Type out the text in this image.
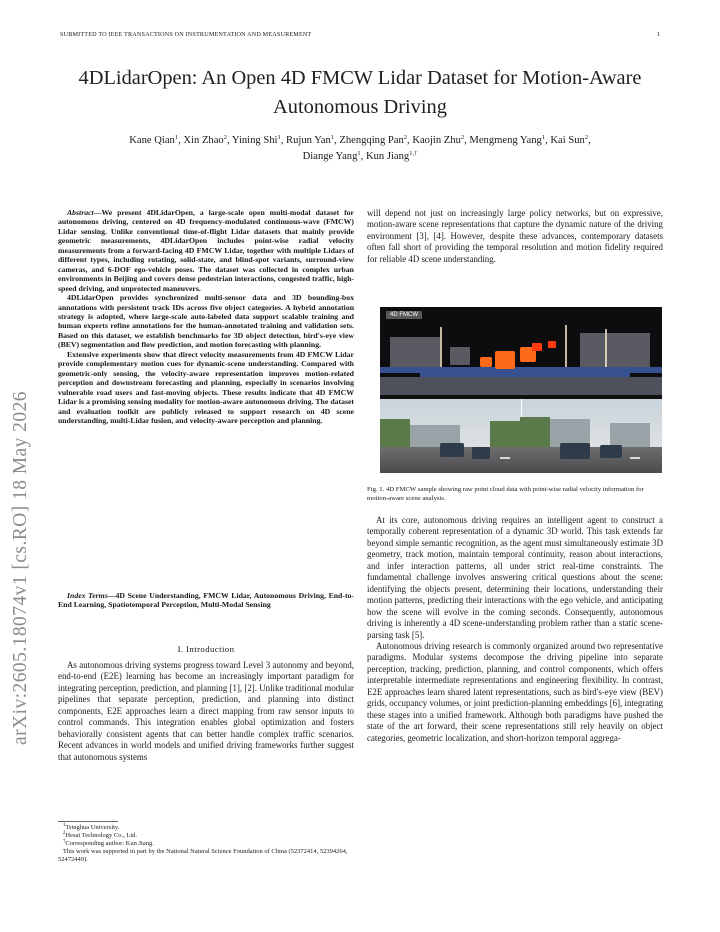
SUBMITTED TO IEEE TRANSACTIONS ON INSTRUMENTATION AND MEASUREMENT	1
arXiv:2605.18074v1 [cs.RO] 18 May 2026
4DLidarOpen: An Open 4D FMCW Lidar Dataset for Motion-Aware Autonomous Driving
Kane Qian$^1$, Xin Zhao$^2$, Yining Shi$^1$, Rujun Yan$^1$, Zhengqing Pan$^2$, Kaojin Zhu$^2$, Mengmeng Yang$^1$, Kai Sun$^2$,
Diange Yang$^1$, Kun Jiang$^{1,\dagger}$

Abstract—We present 4DLidarOpen, a large-scale open multi-modal dataset for autonomous driving, centered on 4D frequency-modulated continuous-wave (FMCW) Lidar sensing. Unlike conventional time-of-flight Lidar datasets that mainly provide geometric measurements, 4DLidarOpen includes point-wise radial velocity measurements from a forward-facing 4D FMCW Lidar, together with multiple Lidars of different types, including rotating, solid-state, and blind-spot variants, surround-view cameras, and 6-DOF ego-vehicle poses. The dataset was collected in complex urban environments in Beijing and covers dense pedestrian interactions, congested traffic, high-speed driving, and unprotected maneuvers.

4DLidarOpen provides synchronized multi-sensor data and 3D bounding-box annotations with persistent track IDs across five object categories. A hybrid annotation strategy is adopted, where large-scale auto-labeled data support scalable training and human experts refine annotations for the human-annotated training and validation sets. Based on this dataset, we establish benchmarks for 3D object detection, bird's-eye view (BEV) segmentation and flow prediction, and motion forecasting with planning.

Extensive experiments show that direct velocity measurements from 4D FMCW Lidar provide complementary motion cues for dynamic-scene understanding. Compared with geometric-only sensing, the velocity-aware representation improves motion-related perception and downstream forecasting and planning, especially in scenarios involving vulnerable road users and fast-moving objects. These results indicate that 4D FMCW Lidar is a promising sensing modality for motion-aware autonomous driving. The dataset and evaluation toolkit are publicly released to support research on 4D scene understanding, multi-Lidar fusion, and velocity-aware perception and planning.

Index Terms—4D Scene Understanding, FMCW Lidar, Autonomous Driving, End-to-End Learning, Spatiotemporal Perception, Multi-Modal Sensing
I. Introduction

As autonomous driving systems progress toward Level 3 autonomy and beyond, end-to-end (E2E) learning has become an increasingly important paradigm for integrating perception, prediction, and planning [1], [2]. Unlike traditional modular pipelines that separate perception, prediction, and planning into distinct components, E2E approaches learn a direct mapping from raw sensor inputs to control commands. This integration enables global optimization and fosters behaviorally consistent agents that can better handle complex traffic scenarios. Recent advances in world models and unified driving frameworks further suggest that autonomous systems

$^1$Tsinghua University.
$^2$Hesai Technology Co., Ltd.
†Corresponding author: Kun Jiang.
This work was supported in part by the National Natural Science Foundation of China (52372414, 52394264, 52472449).

will depend not just on increasingly large policy networks, but on expressive, motion-aware scene representations that capture the dynamic nature of the driving environment [3], [4]. However, despite these advances, contemporary datasets often fall short of providing the temporal resolution and motion fidelity required for reliable 4D scene understanding.

4D FMCW
Fig. 1. 4D FMCW sample showing raw point cloud data with point-wise radial velocity information for motion-aware scene analysis.

At its core, autonomous driving requires an intelligent agent to construct a temporally coherent representation of a dynamic 3D world. This task extends far beyond simple semantic recognition, as the agent must simultaneously estimate 3D geometry, track motion, maintain temporal continuity, reason about interactions, and infer interaction patterns, all under strict real-time constraints. The fundamental challenge involves answering critical questions about the scene: identifying the objects present, determining their locations, understanding their motion patterns, predicting their interactions with the ego vehicle, and anticipating how the scene will evolve in the coming seconds. Consequently, autonomous driving is inherently a 4D scene-understanding problem rather than a static scene-parsing task [5].

Autonomous driving research is commonly organized around two representative paradigms. Modular systems decompose the driving pipeline into separate perception, tracking, prediction, planning, and control components, which offers interpretable intermediate representations and engineering flexibility. In contrast, E2E approaches learn shared latent representations, such as bird's-eye view (BEV) grids, occupancy volumes, or joint prediction-planning embeddings [6], integrating these stages into a unified framework. Although both paradigms have pushed the state of the art forward, their scene representations still rely heavily on object categories, geometric localization, and short-horizon temporal aggrega-
